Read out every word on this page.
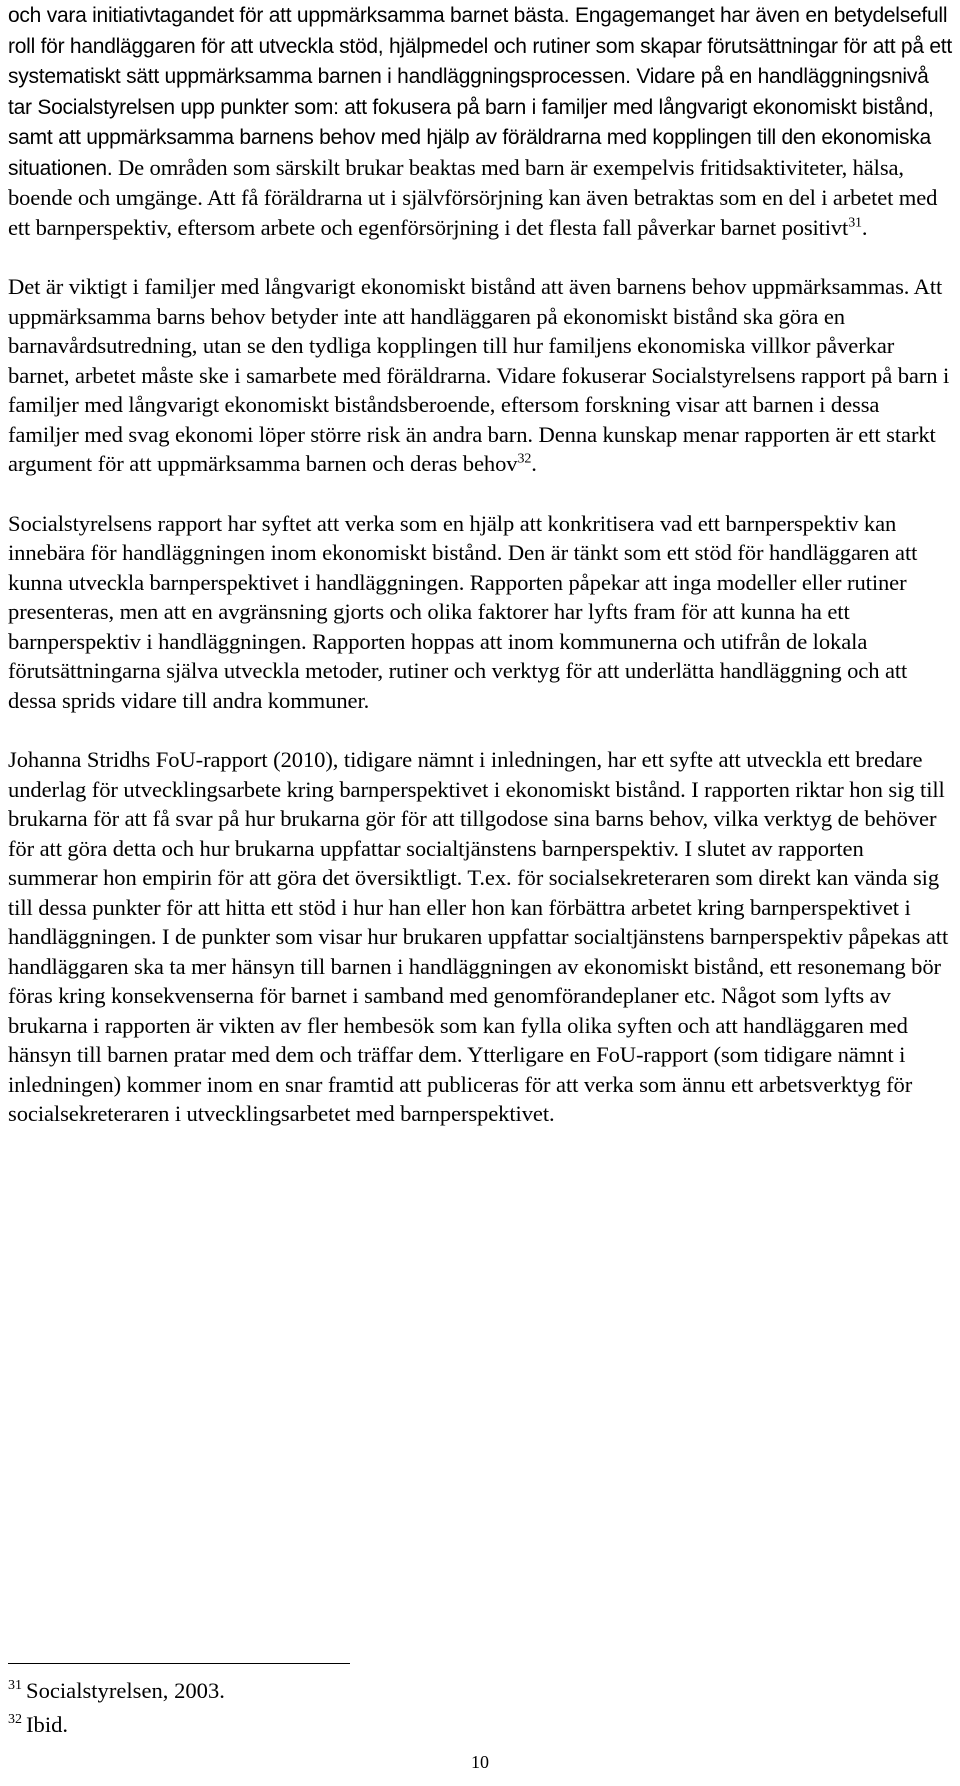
och vara initiativtagandet för att uppmärksamma barnet bästa. Engagemanget har även en betydelsefull roll för handläggaren för att utveckla stöd, hjälpmedel och rutiner som skapar förutsättningar för att på ett systematiskt sätt uppmärksamma barnen i handläggningsprocessen. Vidare på en handläggningsnivå tar Socialstyrelsen upp punkter som: att fokusera på barn i familjer med långvarigt ekonomiskt bistånd, samt att uppmärksamma barnens behov med hjälp av föräldrarna med kopplingen till den ekonomiska situationen. De områden som särskilt brukar beaktas med barn är exempelvis fritidsaktiviteter, hälsa, boende och umgänge. Att få föräldrarna ut i självförsörjning kan även betraktas som en del i arbetet med ett barnperspektiv, eftersom arbete och egenförsörjning i det flesta fall påverkar barnet positivt$^{31}$.

Det är viktigt i familjer med långvarigt ekonomiskt bistånd att även barnens behov uppmärksammas. Att uppmärksamma barns behov betyder inte att handläggaren på ekonomiskt bistånd ska göra en barnavårdsutredning, utan se den tydliga kopplingen till hur familjens ekonomiska villkor påverkar barnet, arbetet måste ske i samarbete med föräldrarna. Vidare fokuserar Socialstyrelsens rapport på barn i familjer med långvarigt ekonomiskt biståndsberoende, eftersom forskning visar att barnen i dessa familjer med svag ekonomi löper större risk än andra barn. Denna kunskap menar rapporten är ett starkt argument för att uppmärksamma barnen och deras behov$^{32}$.

Socialstyrelsens rapport har syftet att verka som en hjälp att konkritisera vad ett barnperspektiv kan innebära för handläggningen inom ekonomiskt bistånd. Den är tänkt som ett stöd för handläggaren att kunna utveckla barnperspektivet i handläggningen. Rapporten påpekar att inga modeller eller rutiner presenteras, men att en avgränsning gjorts och olika faktorer har lyfts fram för att kunna ha ett barnperspektiv i handläggningen. Rapporten hoppas att inom kommunerna och utifrån de lokala förutsättningarna själva utveckla metoder, rutiner och verktyg för att underlätta handläggning och att dessa sprids vidare till andra kommuner.

Johanna Stridhs FoU-rapport (2010), tidigare nämnt i inledningen, har ett syfte att utveckla ett bredare underlag för utvecklingsarbete kring barnperspektivet i ekonomiskt bistånd. I rapporten riktar hon sig till brukarna för att få svar på hur brukarna gör för att tillgodose sina barns behov, vilka verktyg de behöver för att göra detta och hur brukarna uppfattar socialtjänstens barnperspektiv. I slutet av rapporten summerar hon empirin för att göra det översiktligt. T.ex. för socialsekreteraren som direkt kan vända sig till dessa punkter för att hitta ett stöd i hur han eller hon kan förbättra arbetet kring barnperspektivet i handläggningen. I de punkter som visar hur brukaren uppfattar socialtjänstens barnperspektiv påpekas att handläggaren ska ta mer hänsyn till barnen i handläggningen av ekonomiskt bistånd, ett resonemang bör föras kring konsekvenserna för barnet i samband med genomförandeplaner etc. Något som lyfts av brukarna i rapporten är vikten av fler hembesök som kan fylla olika syften och att handläggaren med hänsyn till barnen pratar med dem och träffar dem. Ytterligare en FoU-rapport (som tidigare nämnt i inledningen) kommer inom en snar framtid att publiceras för att verka som ännu ett arbetsverktyg för socialsekreteraren i utvecklingsarbetet med barnperspektivet.

$^{31}$ Socialstyrelsen, 2003.
$^{32}$ Ibid.
10
